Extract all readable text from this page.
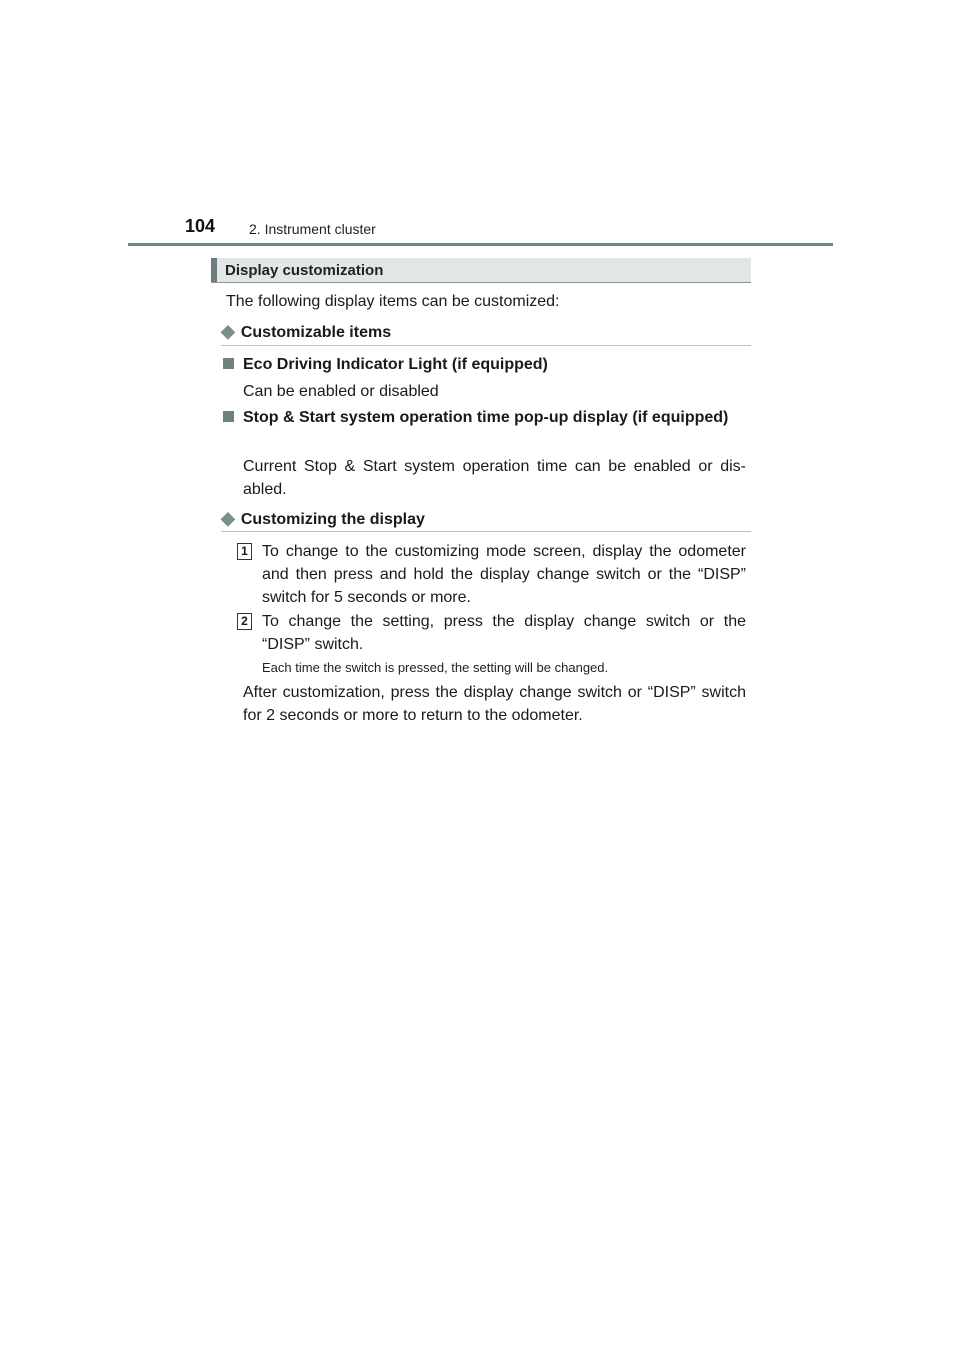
104 2. Instrument cluster
Display customization
The following display items can be customized:
◆ Customizable items
Eco Driving Indicator Light (if equipped)
Can be enabled or disabled
Stop & Start system operation time pop-up display (if equipped)
Current Stop & Start system operation time can be enabled or dis-abled.
◆ Customizing the display
1 To change to the customizing mode screen, display the odometer and then press and hold the display change switch or the “DISP” switch for 5 seconds or more.
2 To change the setting, press the display change switch or the “DISP” switch.
Each time the switch is pressed, the setting will be changed.
After customization, press the display change switch or “DISP” switch for 2 seconds or more to return to the odometer.
